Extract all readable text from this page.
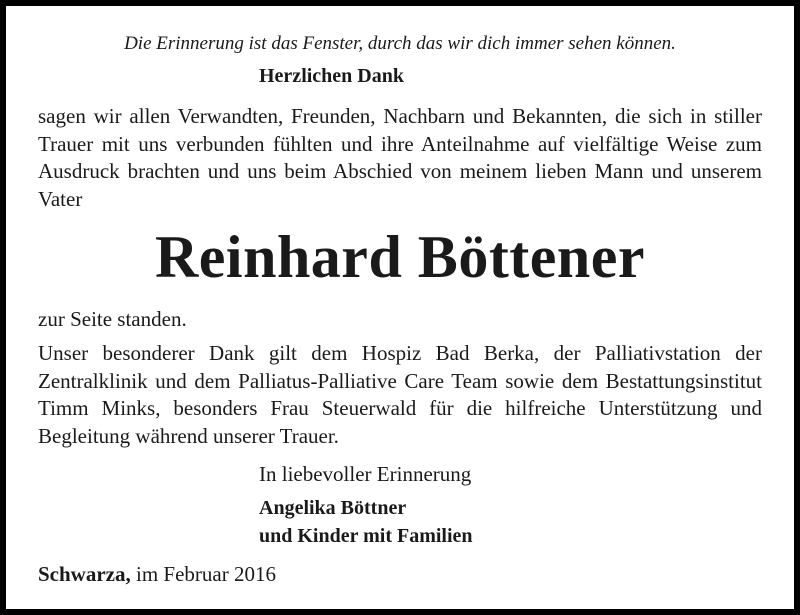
Die Erinnerung ist das Fenster, durch das wir dich immer sehen können.
Herzlichen Dank

sagen wir allen Verwandten, Freunden, Nachbarn und Bekannten, die sich in stiller Trauer mit uns verbunden fühlten und ihre Anteilnahme auf vielfältige Weise zum Ausdruck brachten und uns beim Abschied von meinem lieben Mann und unserem Vater

Reinhard Böttener
zur Seite standen.

Unser besonderer Dank gilt dem Hospiz Bad Berka, der Palliativstation der Zentralklinik und dem Palliatus-Palliative Care Team sowie dem Bestattungsinstitut Timm Minks, besonders Frau Steuerwald für die hilfreiche Unterstützung und Begleitung während unserer Trauer.

In liebevoller Erinnerung
Angelika Böttner
und Kinder mit Familien
Schwarza, im Februar 2016
